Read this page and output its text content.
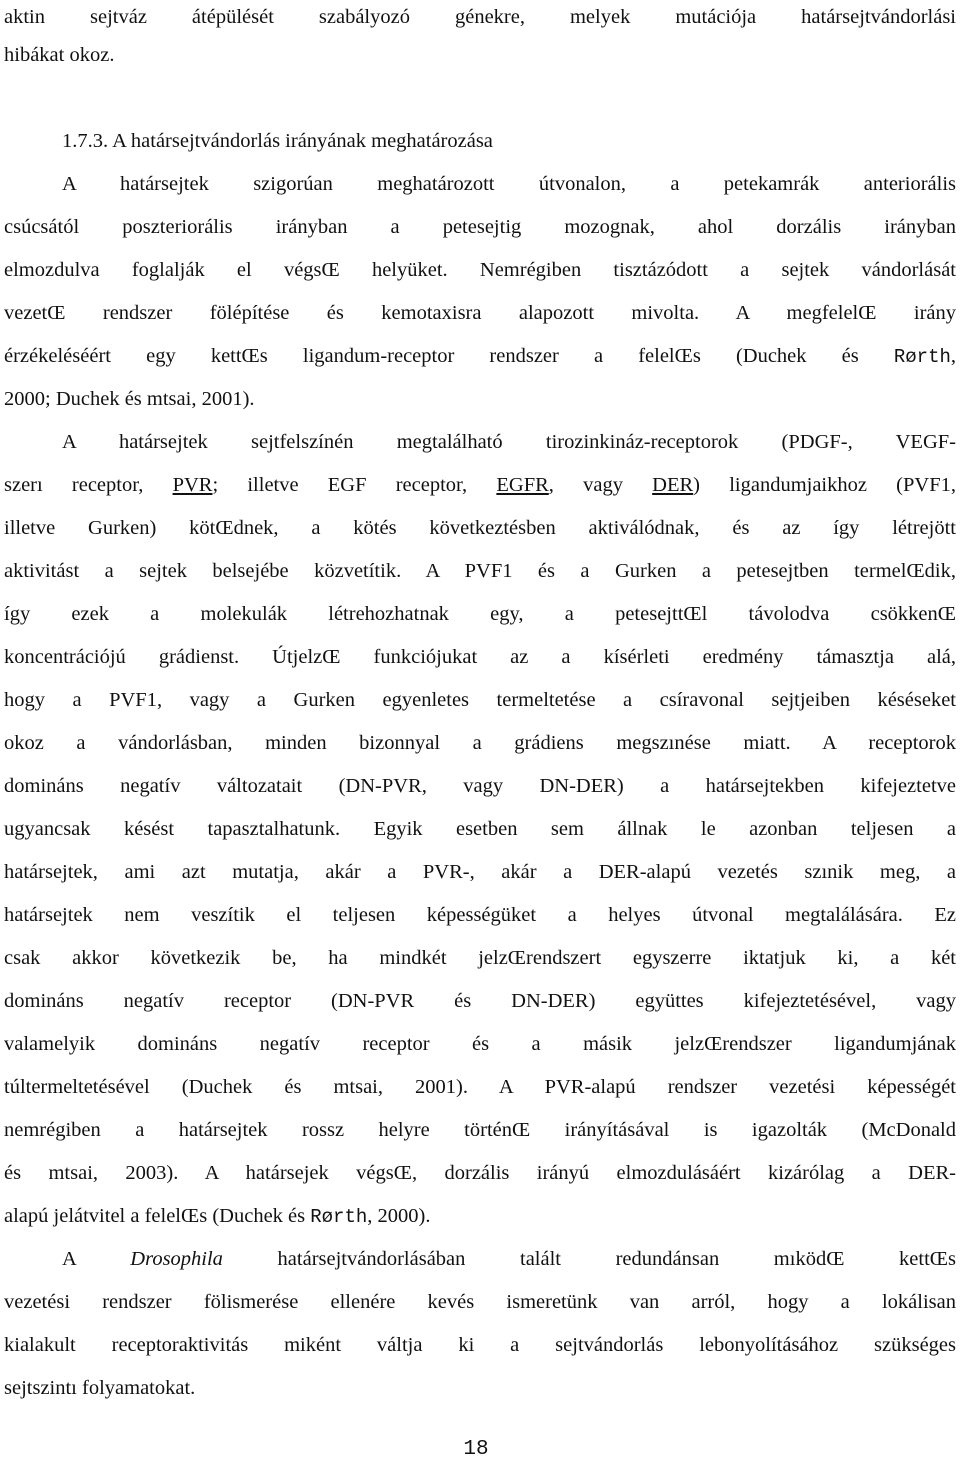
aktin sejtváz átépülését szabályozó génekre, melyek mutációja határsejtvándorlási
hibákat okoz.
1.7.3. A határsejtvándorlás irányának meghatározása
A határsejtek szigorúan meghatározott útvonalon, a petekamrák anteriorális
csúcsától poszteriorális irányban a petesejtig mozognak, ahol dorzális irányban
elmozdulva foglalják el végsŒ helyüket. Nemrégiben tisztázódott a sejtek vándorlását
vezetŒ rendszer fölépítése és kemotaxisra alapozott mivolta. A megfelelŒ irány
érzékeléséért egy kettŒs ligandum-receptor rendszer a felelŒs (Duchek és Rørth,
2000; Duchek és mtsai, 2001).
A határsejtek sejtfelszínén megtalálható tirozinkináz-receptorok (PDGF-, VEGF-
szerı receptor, PVR; illetve EGF receptor, EGFR, vagy DER) ligandumjaikhoz (PVF1,
illetve Gurken) kötŒdnek, a kötés következtésben aktiválódnak, és az így létrejött
aktivitást a sejtek belsejébe közvetítik. A PVF1 és a Gurken a petesejtben termelŒdik,
így ezek a molekulák létrehozhatnak egy, a petesejttŒl távolodva csökkenŒ
koncentrációjú grádienst. ÚtjelzŒ funkciójukat az a kísérleti eredmény támasztja alá,
hogy a PVF1, vagy a Gurken egyenletes termeltetése a csíravonal sejtjeiben késéseket
okoz a vándorlásban, minden bizonnyal a grádiens megszınése miatt. A receptorok
domináns negatív változatait (DN-PVR, vagy DN-DER) a határsejtekben kifejeztetve
ugyancsak késést tapasztalhatunk. Egyik esetben sem állnak le azonban teljesen a
határsejtek, ami azt mutatja, akár a PVR-, akár a DER-alapú vezetés szınik meg, a
határsejtek nem veszítik el teljesen képességüket a helyes útvonal megtalálására. Ez
csak akkor következik be, ha mindkét jelzŒrendszert egyszerre iktatjuk ki, a két
domináns negatív receptor (DN-PVR és DN-DER) együttes kifejeztetésével, vagy
valamelyik domináns negatív receptor és a másik jelzŒrendszer ligandumjának
túltermeltetésével (Duchek és mtsai, 2001). A PVR-alapú rendszer vezetési képességét
nemrégiben a határsejtek rossz helyre történŒ irányításával is igazolták (McDonald
és mtsai, 2003). A határsejek végsŒ, dorzális irányú elmozdulásáért kizárólag a DER-
alapú jelátvitel a felelŒs (Duchek és Rørth, 2000).
A Drosophila határsejtvándorlásában talált redundánsan mıködŒ kettŒs
vezetési rendszer fölismerése ellenére kevés ismeretünk van arról, hogy a lokálisan
kialakult receptoraktivitás miként váltja ki a sejtvándorlás lebonyolításához szükséges
sejtszintı folyamatokat.
18
